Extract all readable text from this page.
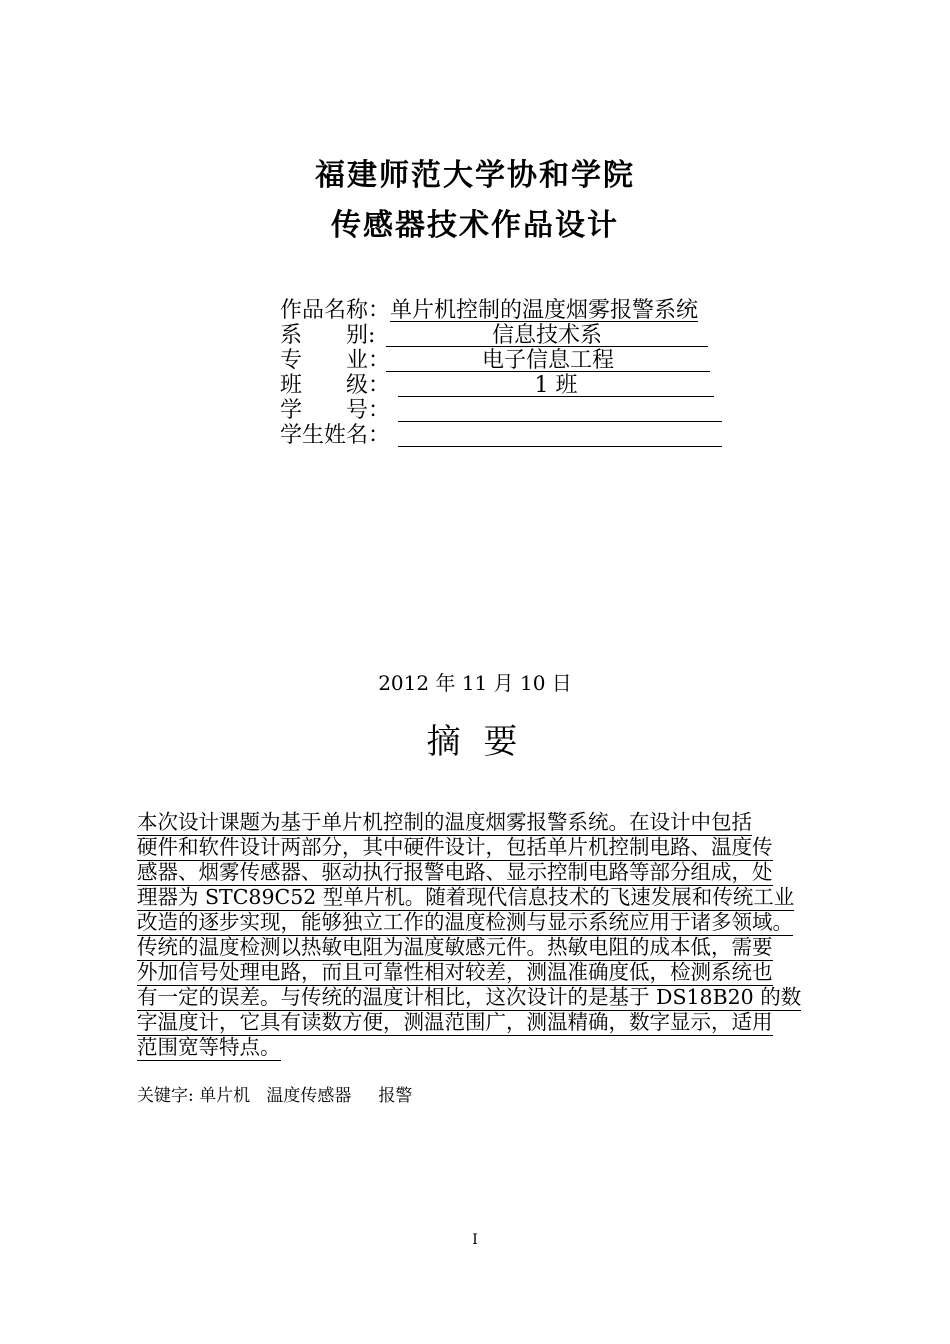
福建师范大学协和学院
传感器技术作品设计
作品名称：单片机控制的温度烟雾报警系统
系　　别:	信息技术系
专　　业：	电子信息工程
班　　级：	1 班
学　　号：
学生姓名：
2012 年 11 月 10 日
摘 要
本次设计课题为基于单片机控制的温度烟雾报警系统。在设计中包括
硬件和软件设计两部分，其中硬件设计，包括单片机控制电路、温度传
感器、烟雾传感器、驱动执行报警电路、显示控制电路等部分组成，处
理器为 STC89C52 型单片机。随着现代信息技术的飞速发展和传统工业
改造的逐步实现，能够独立工作的温度检测与显示系统应用于诸多领域。
传统的温度检测以热敏电阻为温度敏感元件。热敏电阻的成本低，需要
外加信号处理电路，而且可靠性相对较差，测温准确度低，检测系统也
有一定的误差。与传统的温度计相比，这次设计的是基于 DS18B20 的数
字温度计，它具有读数方便，测温范围广，测温精确，数字显示，适用
范围宽等特点。
关键字: 单片机   温度传感器     报警
I
